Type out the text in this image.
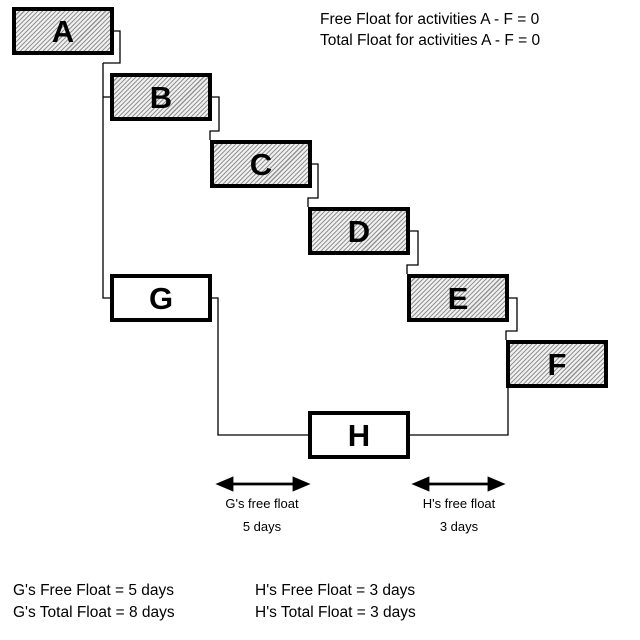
A
B
C
D
E
F
G
H
Free Float for activities A - F = 0
Total Float for activities A - F = 0
G's free float
5 days
H's free float
3 days
G's Free Float = 5 days
G's Total Float = 8 days
H's Free Float = 3 days
H's Total Float = 3 days
